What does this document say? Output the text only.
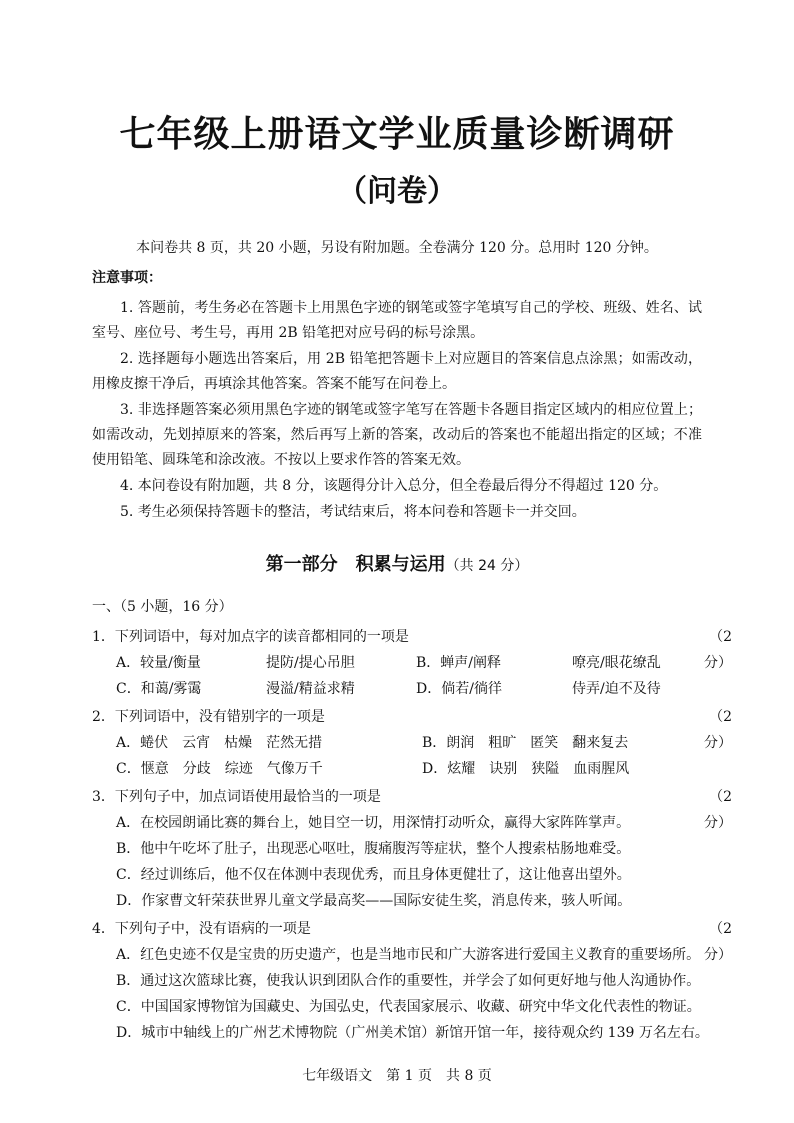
七年级上册语文学业质量诊断调研
（问卷）
本问卷共 8 页，共 20 小题，另设有附加题。全卷满分 120 分。总用时 120 分钟。
注意事项：

1. 答题前，考生务必在答题卡上用黑色字迹的钢笔或签字笔填写自己的学校、班级、姓名、试室号、座位号、考生号，再用 2B 铅笔把对应号码的标号涂黑。

2. 选择题每小题选出答案后，用 2B 铅笔把答题卡上对应题目的答案信息点涂黑；如需改动，用橡皮擦干净后，再填涂其他答案。答案不能写在问卷上。

3. 非选择题答案必须用黑色字迹的钢笔或签字笔写在答题卡各题目指定区域内的相应位置上；如需改动，先划掉原来的答案，然后再写上新的答案，改动后的答案也不能超出指定的区域；不准使用铅笔、圆珠笔和涂改液。不按以上要求作答的答案无效。

4. 本问卷设有附加题，共 8 分，该题得分计入总分，但全卷最后得分不得超过 120 分。

5. 考生必须保持答题卡的整洁，考试结束后，将本问卷和答题卡一并交回。

第一部分　积累与运用（共 24 分）
一、（5 小题，16 分）
1．下列词语中，每对加点字的读音都相同的一项是	（2 分）
A．较量/衡量	提防/提心吊胆	B．蝉声/阐释	嘹亮/眼花缭乱
C．和蔼/雾霭	漫溢/精益求精	D．倘若/徜徉	侍弄/迫不及待
2．下列词语中，没有错别字的一项是	（2 分）
A．蜷伏　云宵　枯燥　茫然无措	B．朗润　粗旷　匿笑　翻来复去
C．惬意　分歧　综迹　气像万千	D．炫耀　诀别　狭隘　血雨腥风
3．下列句子中，加点词语使用最恰当的一项是	（2 分）
A．在校园朗诵比赛的舞台上，她目空一切，用深情打动听众，赢得大家阵阵掌声。
B．他中午吃坏了肚子，出现恶心呕吐，腹痛腹泻等症状，整个人搜索枯肠地难受。
C．经过训练后，他不仅在体测中表现优秀，而且身体更健壮了，这让他喜出望外。
D．作家曹文轩荣获世界儿童文学最高奖——国际安徒生奖，消息传来，骇人听闻。
4．下列句子中，没有语病的一项是	（2 分）
A．红色史迹不仅是宝贵的历史遗产，也是当地市民和广大游客进行爱国主义教育的重要场所。
B．通过这次篮球比赛，使我认识到团队合作的重要性，并学会了如何更好地与他人沟通协作。
C．中国国家博物馆为国藏史、为国弘史，代表国家展示、收藏、研究中华文化代表性的物证。
D．城市中轴线上的广州艺术博物院（广州美术馆）新馆开馆一年，接待观众约 139 万名左右。
七年级语文　第 1 页　共 8 页
